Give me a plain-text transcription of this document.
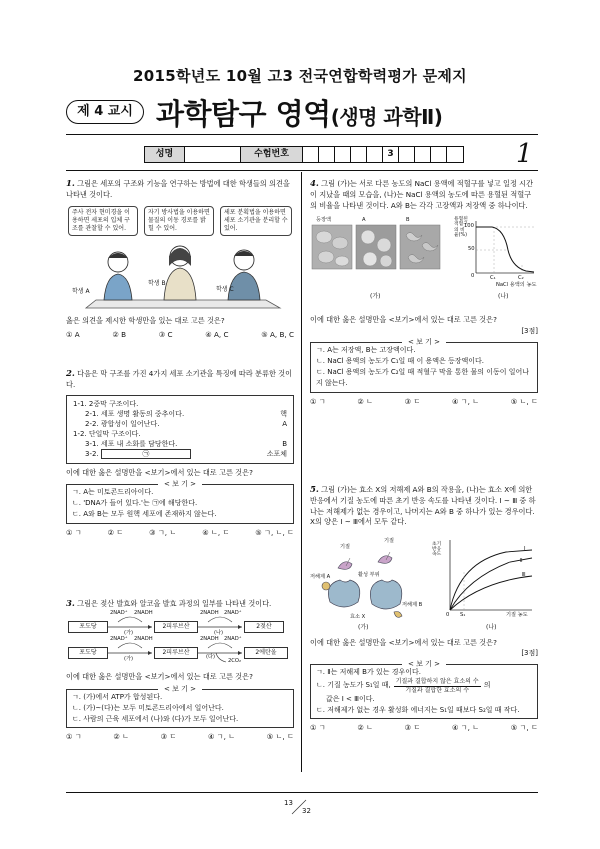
2015학년도 10월 고3 전국연합학력평가 문제지
제 4 교시 과학탐구 영역(생명 과학Ⅱ)
성명	수험번호	3	1
1. 그림은 세포의 구조와 기능을 연구하는 방법에 대한 학생들의 의견을 나타낸 것이다.
주사 전자 현미경을 이용하면 세포의 입체 구조를 관찰할 수 있어.
자기 방사법을 이용하면 물질의 이동 경로를 밝힐 수 있어.
세포 분획법을 이용하면 세포 소기관을 분리할 수 있어.
학생 A
학생 B
학생 C
옳은 의견을 제시한 학생만을 있는 대로 고른 것은?
① A	② B	③ C	④ A, C	⑤ A, B, C
2. 다음은 막 구조를 가진 4가지 세포 소기관을 특징에 따라 분류한 것이다.
1-1. 2중막 구조이다.
2-1. 세포 생명 활동의 중추이다.	핵
2-2. 광합성이 일어난다.	A
1-2. 단일막 구조이다.
3-1. 세포 내 소화를 담당한다.	B
3-2.	㉠	소포체
이에 대한 옳은 설명만을 <보기>에서 있는 대로 고른 것은?
< 보 기 >
ㄱ. A는 미토콘드리아이다.
ㄴ. 'DNA가 들어 있다.'는 ㉠에 해당한다.
ㄷ. A와 B는 모두 원핵 세포에 존재하지 않는다.
① ㄱ	② ㄷ	③ ㄱ, ㄴ	④ ㄴ, ㄷ	⑤ ㄱ, ㄴ, ㄷ
3. 그림은 젖산 발효와 알코올 발효 과정의 일부를 나타낸 것이다.
포도당	2피루브산	2젖산
포도당	2피루브산	2에탄올
2NAD⁺ 2NADH	2NADH 2NAD⁺
(가)	(나)
2NAD⁺ 2NADH	2NADH 2NAD⁺
(가)	(다)
2CO₂
이에 대한 옳은 설명만을 <보기>에서 있는 대로 고른 것은?
< 보 기 >
ㄱ. (가)에서 ATP가 합성된다.
ㄴ. (가)~(다)는 모두 미토콘드리아에서 일어난다.
ㄷ. 사람의 근육 세포에서 (나)와 (다)가 모두 일어난다.
① ㄱ	② ㄴ	③ ㄷ	④ ㄱ, ㄴ	⑤ ㄴ, ㄷ
4. 그림 (가)는 서로 다른 농도의 NaCl 용액에 적혈구를 넣고 일정 시간이 지났을 때의 모습을, (나)는 NaCl 용액의 농도에 따른 용혈된 적혈구의 비율을 나타낸 것이다. A와 B는 각각 고장액과 저장액 중 하나이다.
등장액	A	B	용혈된 적혈구의 비율(%)
100
50
0	C₁	C₂
NaCl 용액의 농도
(가)	(나)
이에 대한 옳은 설명만을 <보기>에서 있는 대로 고른 것은?
[3점]
< 보 기 >
ㄱ. A는 저장액, B는 고장액이다.
ㄴ. NaCl 용액의 농도가 C₁일 때 이 용액은 등장액이다.
ㄷ. NaCl 용액의 농도가 C₂일 때 적혈구 막을 통한 물의 이동이 일어나지 않는다.
① ㄱ	② ㄴ	③ ㄷ	④ ㄱ, ㄴ	⑤ ㄴ, ㄷ
5. 그림 (가)는 효소 X의 저해제 A와 B의 작용을, (나)는 효소 X에 의한 반응에서 기질 농도에 따른 초기 반응 속도를 나타낸 것이다. Ⅰ ~ Ⅲ 중 하나는 저해제가 없는 경우이고, 나머지는 A와 B 중 하나가 있는 경우이다. X의 양은 Ⅰ ~ Ⅲ에서 모두 같다.
기질
기질
저해제 A
저해제 B
활성 부위
효소 X
초기 반응 속도
Ⅰ
Ⅱ
Ⅲ
0 S₁	기질 농도
(가)	(나)
이에 대한 옳은 설명만을 <보기>에서 있는 대로 고른 것은?
[3점]
< 보 기 >
ㄱ. Ⅱ는 저해제 B가 있는 경우이다.
ㄴ. 기질 농도가 S₁일 때, 기질과 결합하지 않은 효소의 수
기질과 결합한 효소의 수
의
값은 Ⅰ < Ⅲ이다.
ㄷ. 저해제가 없는 경우 활성화 에너지는 S₁일 때보다 S₂일 때 작다.
① ㄱ	② ㄴ	③ ㄷ	④ ㄱ, ㄴ	⑤ ㄱ, ㄷ
13
32
